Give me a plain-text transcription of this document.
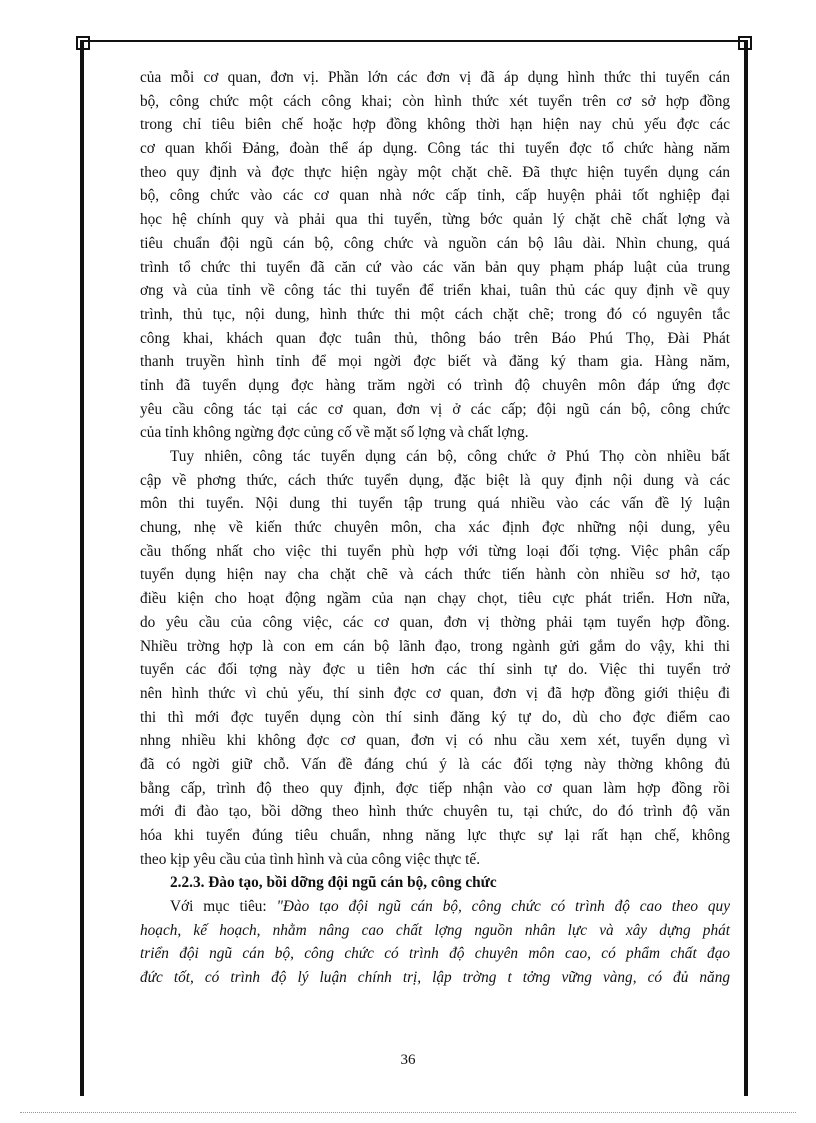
của mỗi cơ quan, đơn vị. Phần lớn các đơn vị đã áp dụng hình thức thi tuyển cán
bộ, công chức một cách công khai; còn hình thức xét tuyển trên cơ sở hợp đồng
trong chỉ tiêu biên chế hoặc hợp đồng không thời hạn hiện nay chủ yếu đợc các
cơ quan khối Đảng, đoàn thể áp dụng. Công tác thi tuyển đợc tổ chức hàng năm
theo quy định và đợc thực hiện ngày một chặt chẽ. Đã thực hiện tuyển dụng cán
bộ, công chức vào các cơ quan nhà nớc cấp tỉnh, cấp huyện phải tốt nghiệp đại
học hệ chính quy và phải qua thi tuyển, từng bớc quản lý chặt chẽ chất lợng và
tiêu chuẩn đội ngũ cán bộ, công chức và nguồn cán bộ lâu dài. Nhìn chung, quá
trình tổ chức thi tuyển đã căn cứ vào các văn bản quy phạm pháp luật của trung
ơng và của tỉnh về công tác thi tuyển để triển khai, tuân thủ các quy định về quy
trình, thủ tục, nội dung, hình thức thi một cách chặt chẽ; trong đó có nguyên tắc
công khai, khách quan đợc tuân thủ, thông báo trên Báo Phú Thọ, Đài Phát
thanh truyền hình tỉnh để mọi ngời đợc biết và đăng ký tham gia. Hàng năm,
tỉnh đã tuyển dụng đợc hàng trăm ngời có trình độ chuyên môn đáp ứng đợc
yêu cầu công tác tại các cơ quan, đơn vị ở các cấp; đội ngũ cán bộ, công chức
của tỉnh không ngừng đợc củng cố về mặt số lợng và chất lợng.
Tuy nhiên, công tác tuyển dụng cán bộ, công chức ở Phú Thọ còn nhiều bất
cập về phơng thức, cách thức tuyển dụng, đặc biệt là quy định nội dung và các
môn thi tuyển. Nội dung thi tuyển tập trung quá nhiều vào các vấn đề lý luận
chung, nhẹ về kiến thức chuyên môn, cha xác định đợc những nội dung, yêu
cầu thống nhất cho việc thi tuyển phù hợp với từng loại đối tợng. Việc phân cấp
tuyển dụng hiện nay cha chặt chẽ và cách thức tiến hành còn nhiều sơ hở, tạo
điều kiện cho hoạt động ngầm của nạn chạy chọt, tiêu cực phát triển. Hơn nữa,
do yêu cầu của công việc, các cơ quan, đơn vị thờng phải tạm tuyển hợp đồng.
Nhiều trờng hợp là con em cán bộ lãnh đạo, trong ngành gửi gắm do vậy, khi thi
tuyển các đối tợng này đợc u tiên hơn các thí sinh tự do. Việc thi tuyển trở
nên hình thức vì chủ yếu, thí sinh đợc cơ quan, đơn vị đã hợp đồng giới thiệu đi
thi thì mới đợc tuyển dụng còn thí sinh đăng ký tự do, dù cho đợc điểm cao
nhng nhiều khi không đợc cơ quan, đơn vị có nhu cầu xem xét, tuyển dụng vì
đã có ngời giữ chỗ. Vấn đề đáng chú ý là các đối tợng này thờng không đủ
bằng cấp, trình độ theo quy định, đợc tiếp nhận vào cơ quan làm hợp đồng rồi
mới đi đào tạo, bồi dỡng theo hình thức chuyên tu, tại chức, do đó trình độ văn
hóa khi tuyển đúng tiêu chuẩn, nhng năng lực thực sự lại rất hạn chế, không
theo kịp yêu cầu của tình hình và của công việc thực tế.
2.2.3. Đào tạo, bồi dỡng đội ngũ cán bộ, công chức
Với mục tiêu: "Đào tạo đội ngũ cán bộ, công chức có trình độ cao theo quy
hoạch, kế hoạch, nhằm nâng cao chất lợng nguồn nhân lực và xây dựng phát
triển đội ngũ cán bộ, công chức có trình độ chuyên môn cao, có phẩm chất đạo
đức tốt, có trình độ lý luận chính trị, lập trờng t tởng vững vàng, có đủ năng
36
